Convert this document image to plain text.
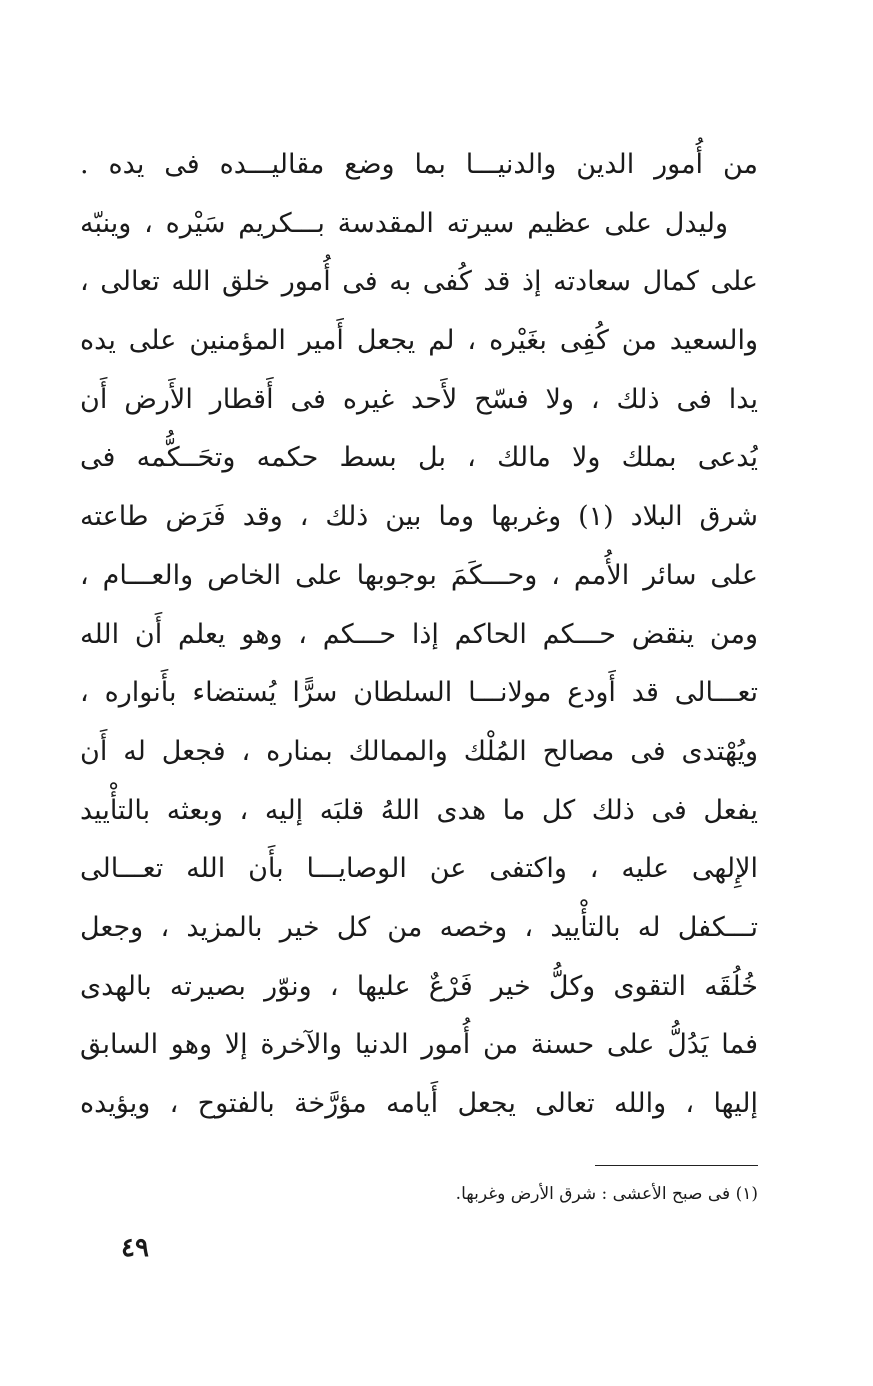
من أُمور الدين والدنيـــا بما وضع مقاليـــده فى يده .
وليدل على عظيم سيرته المقدسة بـــكريم سَيْره ، وينبّه
على كمال سعادته إذ قد كُفى به فى أُمور خلق الله تعالى ،
والسعيد من كُفِى بغَيْره ، لم يجعل أَمير المؤمنين على يده
يدا فى ذلك ، ولا فسّح لأَحد غيره فى أَقطار الأَرض أَن
يُدعى بملك ولا مالك ، بل بسط حكمه وتحَــكُّمه فى
شرق البلاد (١) وغربها وما بين ذلك ، وقد فَرَض طاعته
على سائر الأُمم ، وحـــكَمَ بوجوبها على الخاص والعـــام ،
ومن ينقض حـــكم الحاكم إذا حـــكم ، وهو يعلم أَن الله
تعـــالى قد أَودع مولانـــا السلطان سرًّا يُستضاء بأَنواره ،
ويُهْتدى فى مصالح المُلْك والممالك بمناره ، فجعل له أَن
يفعل فى ذلك كل ما هدى اللهُ قلبَه إليه ، وبعثه بالتأْييد
الإِلهى عليه ، واكتفى عن الوصايـــا بأَن الله تعـــالى
تـــكفل له بالتأْييد ، وخصه من كل خير بالمزيد ، وجعل
خُلُقَه التقوى وكلُّ خير فَرْعٌ عليها ، ونوّر بصيرته بالهدى
فما يَدُلُّ على حسنة من أُمور الدنيا والآخرة إلا وهو السابق
إليها ، والله تعالى يجعل أَيامه مؤرَّخة بالفتوح ، ويؤيده
(١) فى صبح الأعشى : شرق الأرض وغربها.
٤٩
